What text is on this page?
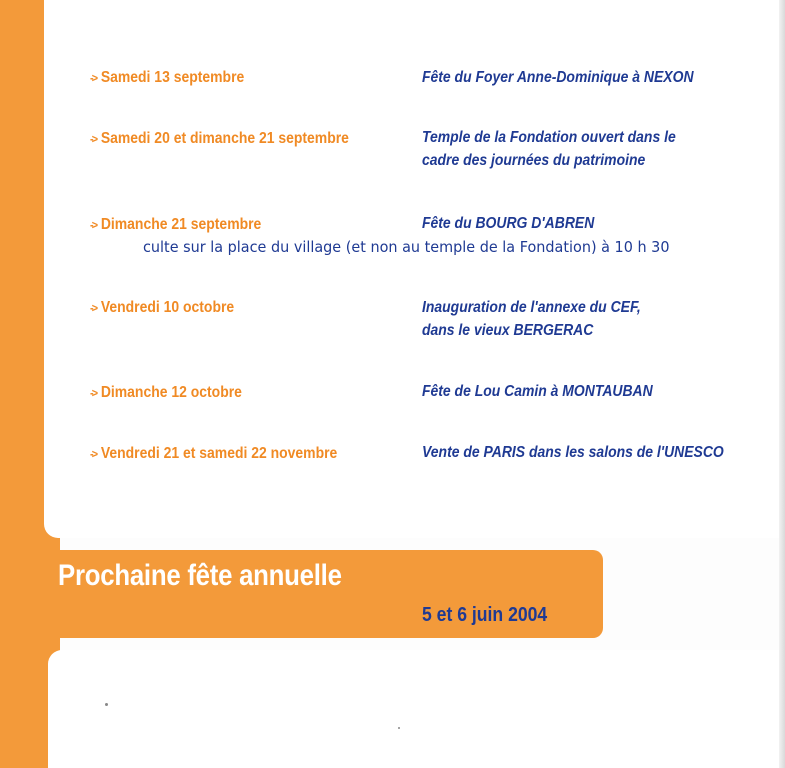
-> Samedi 13 septembre	Fête du Foyer Anne-Dominique à NEXON
-> Samedi 20 et dimanche 21 septembre	Temple de la Fondation ouvert dans le
cadre des journées du patrimoine
-> Dimanche 21 septembre	Fête du BOURG D'ABREN
culte sur la place du village (et non au temple de la Fondation) à 10 h 30
-> Vendredi 10 octobre	Inauguration de l'annexe du CEF,
dans le vieux BERGERAC
-> Dimanche 12 octobre	Fête de Lou Camin à MONTAUBAN
-> Vendredi 21 et samedi 22 novembre	Vente de PARIS dans les salons de l'UNESCO
Prochaine fête annuelle
5 et 6 juin 2004
